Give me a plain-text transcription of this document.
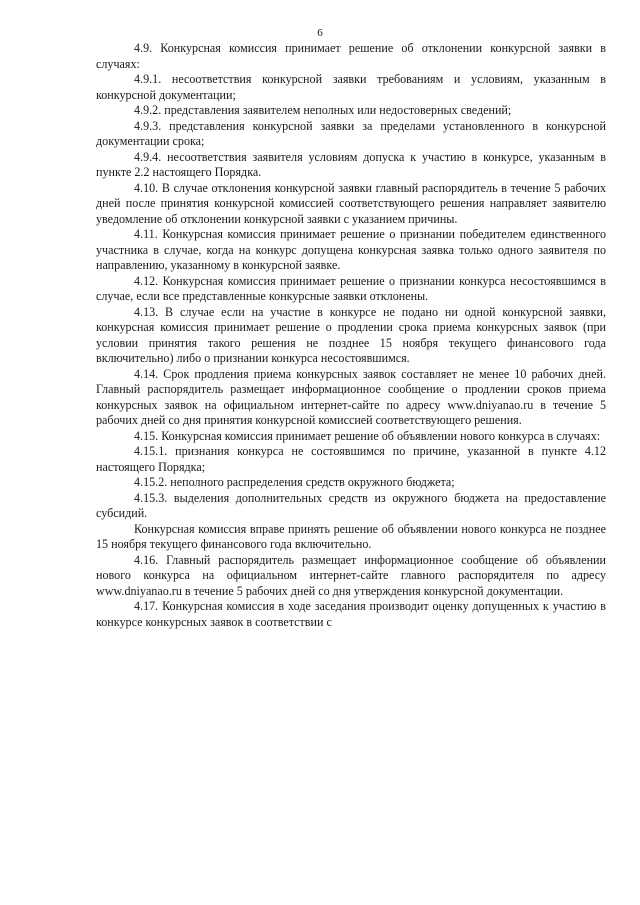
6

4.9. Конкурсная комиссия принимает решение об отклонении конкурсной заявки в случаях:

4.9.1. несоответствия конкурсной заявки требованиям и условиям, указанным в конкурсной документации;

4.9.2. представления заявителем неполных или недостоверных сведений;

4.9.3. представления конкурсной заявки за пределами установленного в конкурсной документации срока;

4.9.4. несоответствия заявителя условиям допуска к участию в конкурсе, указанным в пункте 2.2 настоящего Порядка.

4.10. В случае отклонения конкурсной заявки главный распорядитель в течение 5 рабочих дней после принятия конкурсной комиссией соответствующего решения направляет заявителю уведомление об отклонении конкурсной заявки с указанием причины.

4.11. Конкурсная комиссия принимает решение о признании победителем единственного участника в случае, когда на конкурс допущена конкурсная заявка только одного заявителя по направлению, указанному в конкурсной заявке.

4.12. Конкурсная комиссия принимает решение о признании конкурса несостоявшимся в случае, если все представленные конкурсные заявки отклонены.

4.13. В случае если на участие в конкурсе не подано ни одной конкурсной заявки, конкурсная комиссия принимает решение о продлении срока приема конкурсных заявок (при условии принятия такого решения не позднее 15 ноября текущего финансового года включительно) либо о признании конкурса несостоявшимся.

4.14. Срок продления приема конкурсных заявок составляет не менее 10 рабочих дней. Главный распорядитель размещает информационное сообщение о продлении сроков приема конкурсных заявок на официальном интернет-сайте по адресу www.dniyanao.ru в течение 5 рабочих дней со дня принятия конкурсной комиссией соответствующего решения.

4.15. Конкурсная комиссия принимает решение об объявлении нового конкурса в случаях:

4.15.1. признания конкурса не состоявшимся по причине, указанной в пункте 4.12 настоящего Порядка;

4.15.2. неполного распределения средств окружного бюджета;

4.15.3. выделения дополнительных средств из окружного бюджета на предоставление субсидий.

Конкурсная комиссия вправе принять решение об объявлении нового конкурса не позднее 15 ноября текущего финансового года включительно.

4.16. Главный распорядитель размещает информационное сообщение об объявлении нового конкурса на официальном интернет-сайте главного распорядителя по адресу www.dniyanao.ru в течение 5 рабочих дней со дня утверждения конкурсной документации.

4.17. Конкурсная комиссия в ходе заседания производит оценку допущенных к участию в конкурсе конкурсных заявок в соответствии с
